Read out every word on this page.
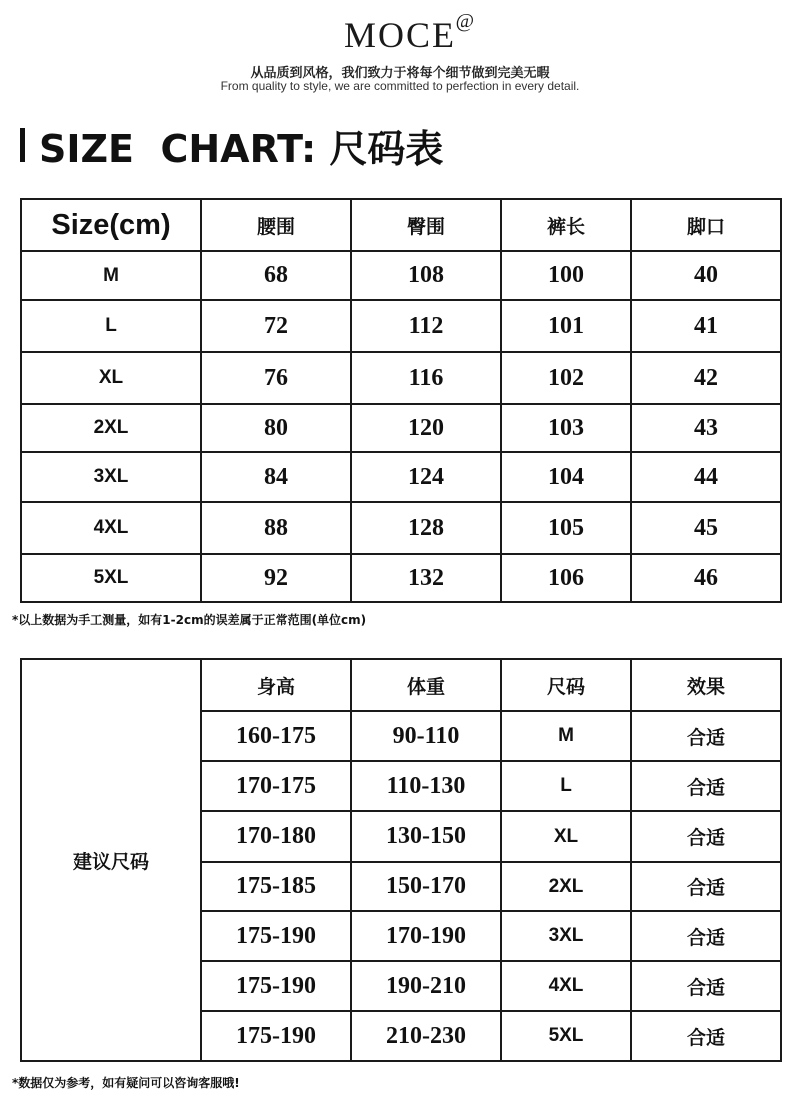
MOCE @
从品质到风格，我们致力于将每个细节做到完美无暇
From quality to style, we are committed to perfection in every detail.
SIZE  CHART: 尺码表
Size(cm)	腰围	臀围	裤长	脚口
M	68	108	100	40
L	72	112	101	41
XL	76	116	102	42
2XL	80	120	103	43
3XL	84	124	104	44
4XL	88	128	105	45
5XL	92	132	106	46
*以上数据为手工测量，如有1-2cm的误差属于正常范围(单位cm)
建议尺码	身高	体重	尺码	效果
	160-175	90-110	M	合适
	170-175	110-130	L	合适
	170-180	130-150	XL	合适
	175-185	150-170	2XL	合适
	175-190	170-190	3XL	合适
	175-190	190-210	4XL	合适
	175-190	210-230	5XL	合适
*数据仅为参考，如有疑问可以咨询客服哦!
